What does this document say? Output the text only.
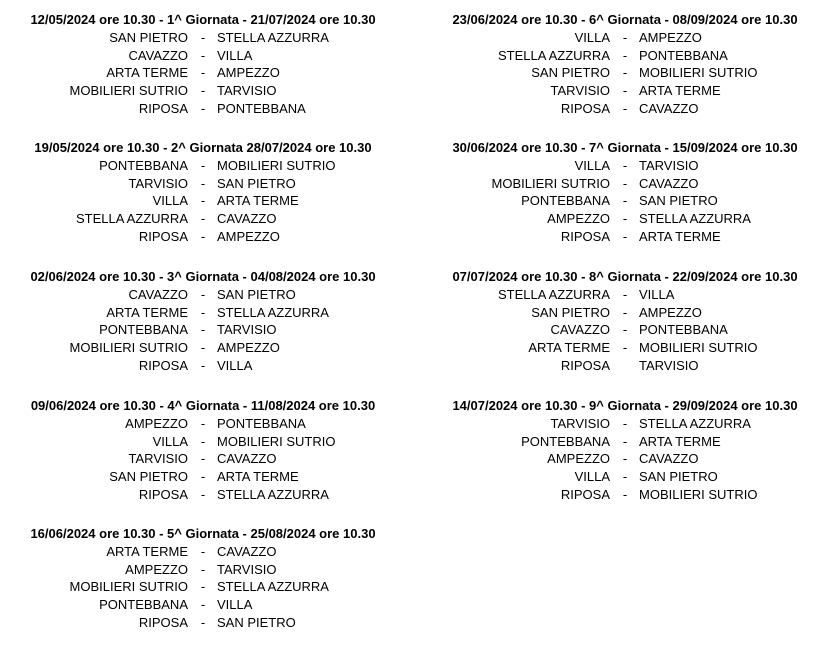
12/05/2024 ore 10.30 - 1^ Giornata - 21/07/2024 ore 10.30
SAN PIETRO - STELLA AZZURRA
CAVAZZO - VILLA
ARTA TERME - AMPEZZO
MOBILIERI SUTRIO - TARVISIO
RIPOSA - PONTEBBANA
19/05/2024 ore 10.30 - 2^ Giornata 28/07/2024 ore 10.30
PONTEBBANA - MOBILIERI SUTRIO
TARVISIO - SAN PIETRO
VILLA - ARTA TERME
STELLA AZZURRA - CAVAZZO
RIPOSA - AMPEZZO
02/06/2024 ore 10.30 - 3^ Giornata - 04/08/2024 ore 10.30
CAVAZZO - SAN PIETRO
ARTA TERME - STELLA AZZURRA
PONTEBBANA - TARVISIO
MOBILIERI SUTRIO - AMPEZZO
RIPOSA - VILLA
09/06/2024 ore 10.30 - 4^ Giornata - 11/08/2024 ore 10.30
AMPEZZO - PONTEBBANA
VILLA - MOBILIERI SUTRIO
TARVISIO - CAVAZZO
SAN PIETRO - ARTA TERME
RIPOSA - STELLA AZZURRA
16/06/2024 ore 10.30 - 5^ Giornata - 25/08/2024 ore 10.30
ARTA TERME - CAVAZZO
AMPEZZO - TARVISIO
MOBILIERI SUTRIO - STELLA AZZURRA
PONTEBBANA - VILLA
RIPOSA - SAN PIETRO
23/06/2024 ore 10.30 - 6^ Giornata - 08/09/2024 ore 10.30
VILLA - AMPEZZO
STELLA AZZURRA - PONTEBBANA
SAN PIETRO - MOBILIERI SUTRIO
TARVISIO - ARTA TERME
RIPOSA - CAVAZZO
30/06/2024 ore 10.30 - 7^ Giornata - 15/09/2024 ore 10.30
VILLA - TARVISIO
MOBILIERI SUTRIO - CAVAZZO
PONTEBBANA - SAN PIETRO
AMPEZZO - STELLA AZZURRA
RIPOSA - ARTA TERME
07/07/2024 ore 10.30 - 8^ Giornata - 22/09/2024 ore 10.30
STELLA AZZURRA - VILLA
SAN PIETRO - AMPEZZO
CAVAZZO - PONTEBBANA
ARTA TERME - MOBILIERI SUTRIO
RIPOSA TARVISIO
14/07/2024 ore 10.30 - 9^ Giornata - 29/09/2024 ore 10.30
TARVISIO - STELLA AZZURRA
PONTEBBANA - ARTA TERME
AMPEZZO - CAVAZZO
VILLA - SAN PIETRO
RIPOSA - MOBILIERI SUTRIO
